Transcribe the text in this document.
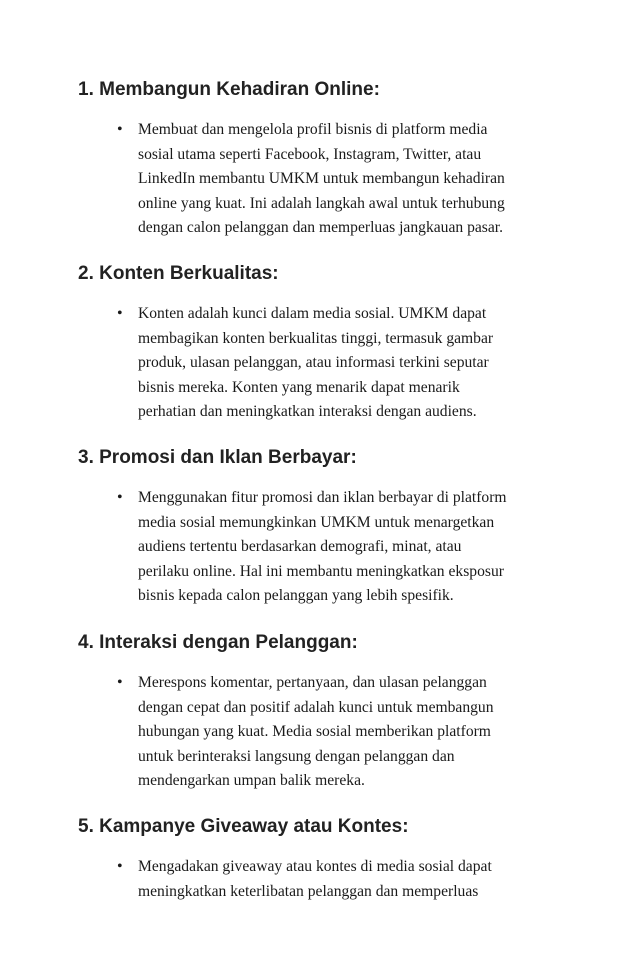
1. Membangun Kehadiran Online:
• Membuat dan mengelola profil bisnis di platform media
sosial utama seperti Facebook, Instagram, Twitter, atau
LinkedIn membantu UMKM untuk membangun kehadiran
online yang kuat. Ini adalah langkah awal untuk terhubung
dengan calon pelanggan dan memperluas jangkauan pasar.

2. Konten Berkualitas:
• Konten adalah kunci dalam media sosial. UMKM dapat
membagikan konten berkualitas tinggi, termasuk gambar
produk, ulasan pelanggan, atau informasi terkini seputar
bisnis mereka. Konten yang menarik dapat menarik
perhatian dan meningkatkan interaksi dengan audiens.

3. Promosi dan Iklan Berbayar:
• Menggunakan fitur promosi dan iklan berbayar di platform
media sosial memungkinkan UMKM untuk menargetkan
audiens tertentu berdasarkan demografi, minat, atau
perilaku online. Hal ini membantu meningkatkan eksposur
bisnis kepada calon pelanggan yang lebih spesifik.

4. Interaksi dengan Pelanggan:
• Merespons komentar, pertanyaan, dan ulasan pelanggan
dengan cepat dan positif adalah kunci untuk membangun
hubungan yang kuat. Media sosial memberikan platform
untuk berinteraksi langsung dengan pelanggan dan
mendengarkan umpan balik mereka.

5. Kampanye Giveaway atau Kontes:
• Mengadakan giveaway atau kontes di media sosial dapat
meningkatkan keterlibatan pelanggan dan memperluas
